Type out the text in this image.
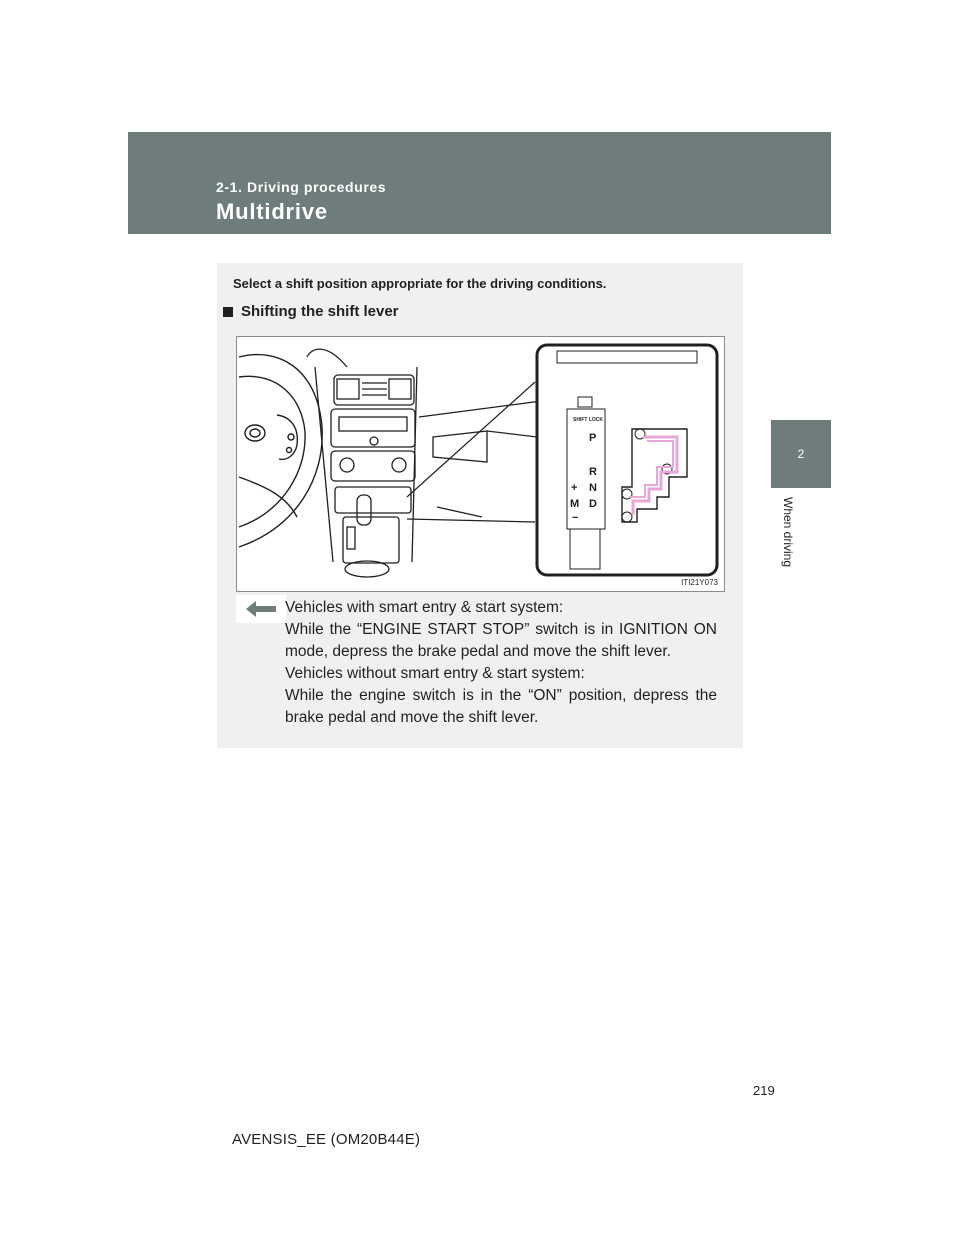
2-1. Driving procedures
Multidrive
2
When driving
Select a shift position appropriate for the driving conditions.
Shifting the shift lever
SHIFT LOCK
P
R
N
D
+
M
−
ITI21Y073

Vehicles with smart entry & start system:

While the “ENGINE START STOP” switch is in IGNITION ON mode, depress the brake pedal and move the shift lever.

Vehicles without smart entry & start system:

While the engine switch is in the “ON” position, depress the brake pedal and move the shift lever.

219
AVENSIS_EE (OM20B44E)
